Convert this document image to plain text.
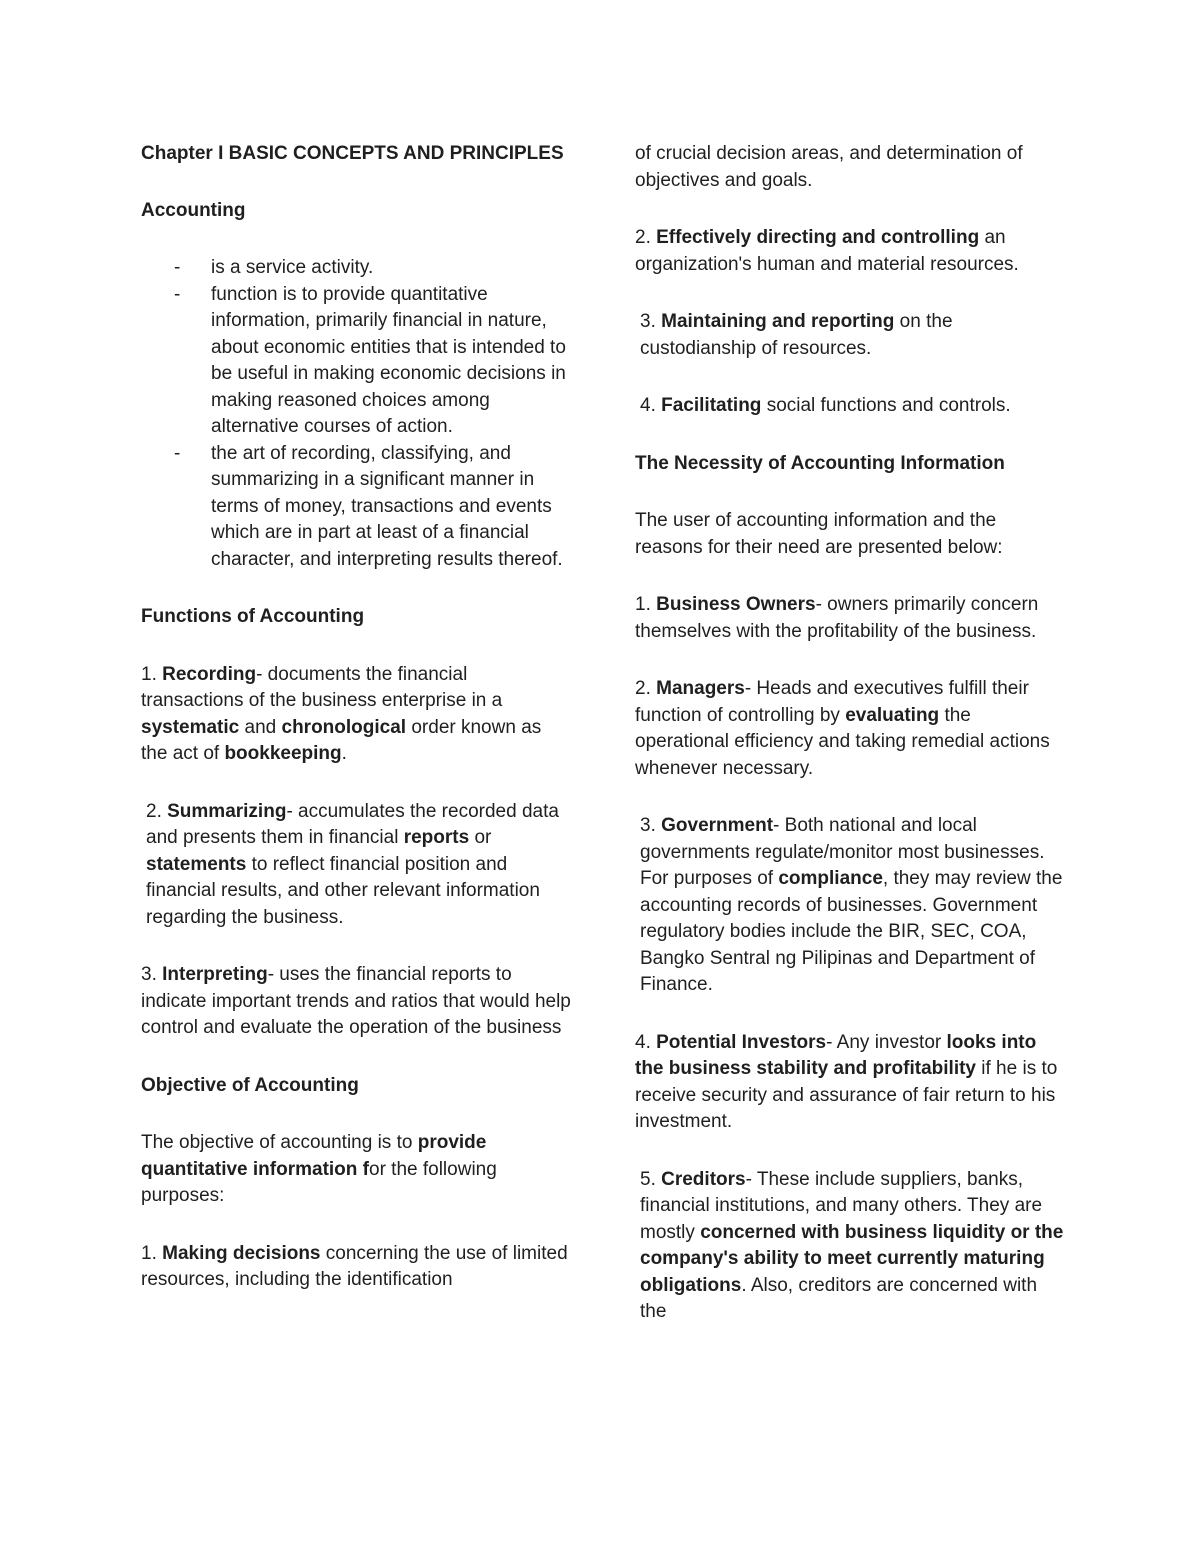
Chapter I BASIC CONCEPTS AND PRINCIPLES

Accounting

- is a service activity.
- function is to provide quantitative information, primarily financial in nature, about economic entities that is intended to be useful in making economic decisions in making reasoned choices among alternative courses of action.
- the art of recording, classifying, and summarizing in a significant manner in terms of money, transactions and events which are in part at least of a financial character, and interpreting results thereof.

Functions of Accounting

1. Recording- documents the financial transactions of the business enterprise in a systematic and chronological order known as the act of bookkeeping.

2. Summarizing- accumulates the recorded data and presents them in financial reports or statements to reflect financial position and financial results, and other relevant information regarding the business.

3. Interpreting- uses the financial reports to indicate important trends and ratios that would help control and evaluate the operation of the business

Objective of Accounting

The objective of accounting is to provide quantitative information for the following purposes:

1. Making decisions concerning the use of limited resources, including the identification

of crucial decision areas, and determination of objectives and goals.

2. Effectively directing and controlling an organization's human and material resources.

3. Maintaining and reporting on the custodianship of resources.

4. Facilitating social functions and controls.

The Necessity of Accounting Information

The user of accounting information and the reasons for their need are presented below:

1. Business Owners- owners primarily concern themselves with the profitability of the business.

2. Managers- Heads and executives fulfill their function of controlling by evaluating the operational efficiency and taking remedial actions whenever necessary.

3. Government- Both national and local governments regulate/monitor most businesses. For purposes of compliance, they may review the accounting records of businesses. Government regulatory bodies include the BIR, SEC, COA, Bangko Sentral ng Pilipinas and Department of Finance.

4. Potential Investors- Any investor looks into the business stability and profitability if he is to receive security and assurance of fair return to his investment.

5. Creditors- These include suppliers, banks, financial institutions, and many others. They are mostly concerned with business liquidity or the company's ability to meet currently maturing obligations. Also, creditors are concerned with the
